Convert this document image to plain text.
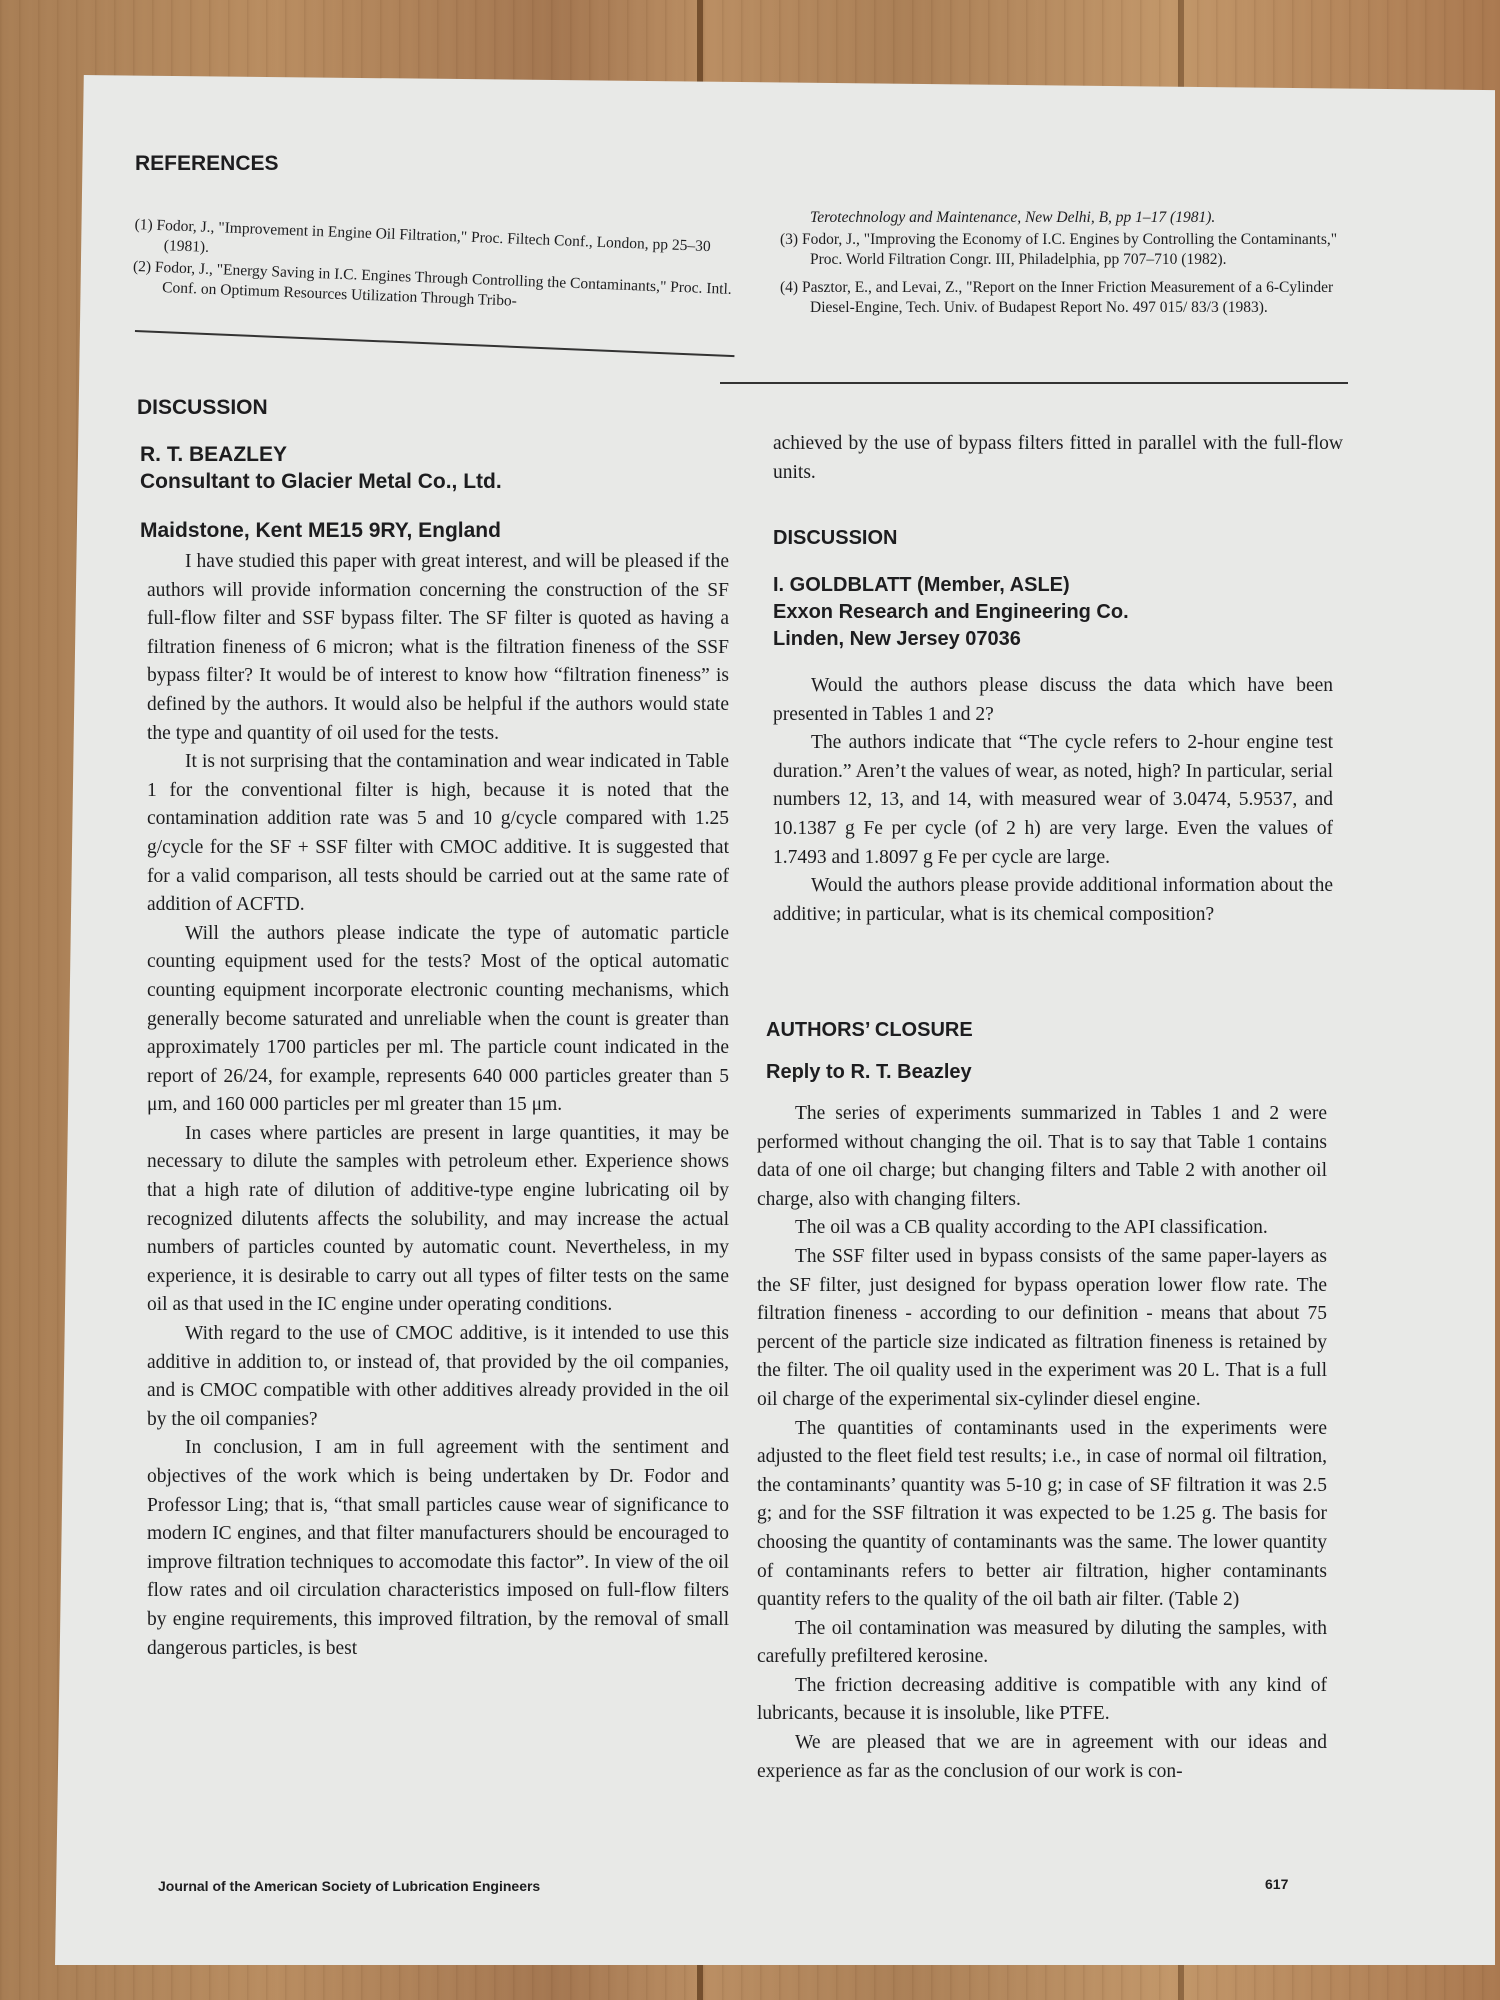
REFERENCES
(1) Fodor, J., "Improvement in Engine Oil Filtration," Proc. Filtech Conf., London, pp 25–30 (1981).
(2) Fodor, J., "Energy Saving in I.C. Engines Through Controlling the Contaminants," Proc. Intl. Conf. on Optimum Resources Utilization Through Tribo-
Terotechnology and Maintenance, New Delhi, B, pp 1–17 (1981).
(3) Fodor, J., "Improving the Economy of I.C. Engines by Controlling the Contaminants," Proc. World Filtration Congr. III, Philadelphia, pp 707–710 (1982).
(4) Pasztor, E., and Levai, Z., "Report on the Inner Friction Measurement of a 6-Cylinder Diesel-Engine, Tech. Univ. of Budapest Report No. 497 015/ 83/3 (1983).
DISCUSSION
R. T. BEAZLEY
Consultant to Glacier Metal Co., Ltd.
Maidstone, Kent ME15 9RY, England

I have studied this paper with great interest, and will be pleased if the authors will provide information concerning the construction of the SF full-flow filter and SSF bypass filter. The SF filter is quoted as having a filtration fineness of 6 micron; what is the filtration fineness of the SSF bypass filter? It would be of interest to know how “filtration fineness” is defined by the authors. It would also be helpful if the authors would state the type and quantity of oil used for the tests.

It is not surprising that the contamination and wear indicated in Table 1 for the conventional filter is high, because it is noted that the contamination addition rate was 5 and 10 g/cycle compared with 1.25 g/cycle for the SF + SSF filter with CMOC additive. It is suggested that for a valid comparison, all tests should be carried out at the same rate of addition of ACFTD.

Will the authors please indicate the type of automatic particle counting equipment used for the tests? Most of the optical automatic counting equipment incorporate electronic counting mechanisms, which generally become saturated and unreliable when the count is greater than approximately 1700 particles per ml. The particle count indicated in the report of 26/24, for example, represents 640 000 particles greater than 5 μm, and 160 000 particles per ml greater than 15 μm.

In cases where particles are present in large quantities, it may be necessary to dilute the samples with petroleum ether. Experience shows that a high rate of dilution of additive-type engine lubricating oil by recognized dilutents affects the solubility, and may increase the actual numbers of particles counted by automatic count. Nevertheless, in my experience, it is desirable to carry out all types of filter tests on the same oil as that used in the IC engine under operating conditions.

With regard to the use of CMOC additive, is it intended to use this additive in addition to, or instead of, that provided by the oil companies, and is CMOC compatible with other additives already provided in the oil by the oil companies?

In conclusion, I am in full agreement with the sentiment and objectives of the work which is being undertaken by Dr. Fodor and Professor Ling; that is, “that small particles cause wear of significance to modern IC engines, and that filter manufacturers should be encouraged to improve filtration techniques to accomodate this factor”. In view of the oil flow rates and oil circulation characteristics imposed on full-flow filters by engine requirements, this improved filtration, by the removal of small dangerous particles, is best

achieved by the use of bypass filters fitted in parallel with the full-flow units.

DISCUSSION
I. GOLDBLATT (Member, ASLE)
Exxon Research and Engineering Co.
Linden, New Jersey 07036

Would the authors please discuss the data which have been presented in Tables 1 and 2?

The authors indicate that “The cycle refers to 2-hour engine test duration.” Aren’t the values of wear, as noted, high? In particular, serial numbers 12, 13, and 14, with measured wear of 3.0474, 5.9537, and 10.1387 g Fe per cycle (of 2 h) are very large. Even the values of 1.7493 and 1.8097 g Fe per cycle are large.

Would the authors please provide additional information about the additive; in particular, what is its chemical composition?

AUTHORS’ CLOSURE
Reply to R. T. Beazley

The series of experiments summarized in Tables 1 and 2 were performed without changing the oil. That is to say that Table 1 contains data of one oil charge; but changing filters and Table 2 with another oil charge, also with changing filters.

The oil was a CB quality according to the API classification.

The SSF filter used in bypass consists of the same paper-layers as the SF filter, just designed for bypass operation lower flow rate. The filtration fineness - according to our definition - means that about 75 percent of the particle size indicated as filtration fineness is retained by the filter. The oil quality used in the experiment was 20 L. That is a full oil charge of the experimental six-cylinder diesel engine.

The quantities of contaminants used in the experiments were adjusted to the fleet field test results; i.e., in case of normal oil filtration, the contaminants’ quantity was 5-10 g; in case of SF filtration it was 2.5 g; and for the SSF filtration it was expected to be 1.25 g. The basis for choosing the quantity of contaminants was the same. The lower quantity of contaminants refers to better air filtration, higher contaminants quantity refers to the quality of the oil bath air filter. (Table 2)

The oil contamination was measured by diluting the samples, with carefully prefiltered kerosine.

The friction decreasing additive is compatible with any kind of lubricants, because it is insoluble, like PTFE.

We are pleased that we are in agreement with our ideas and experience as far as the conclusion of our work is con-

Journal of the American Society of Lubrication Engineers	617
